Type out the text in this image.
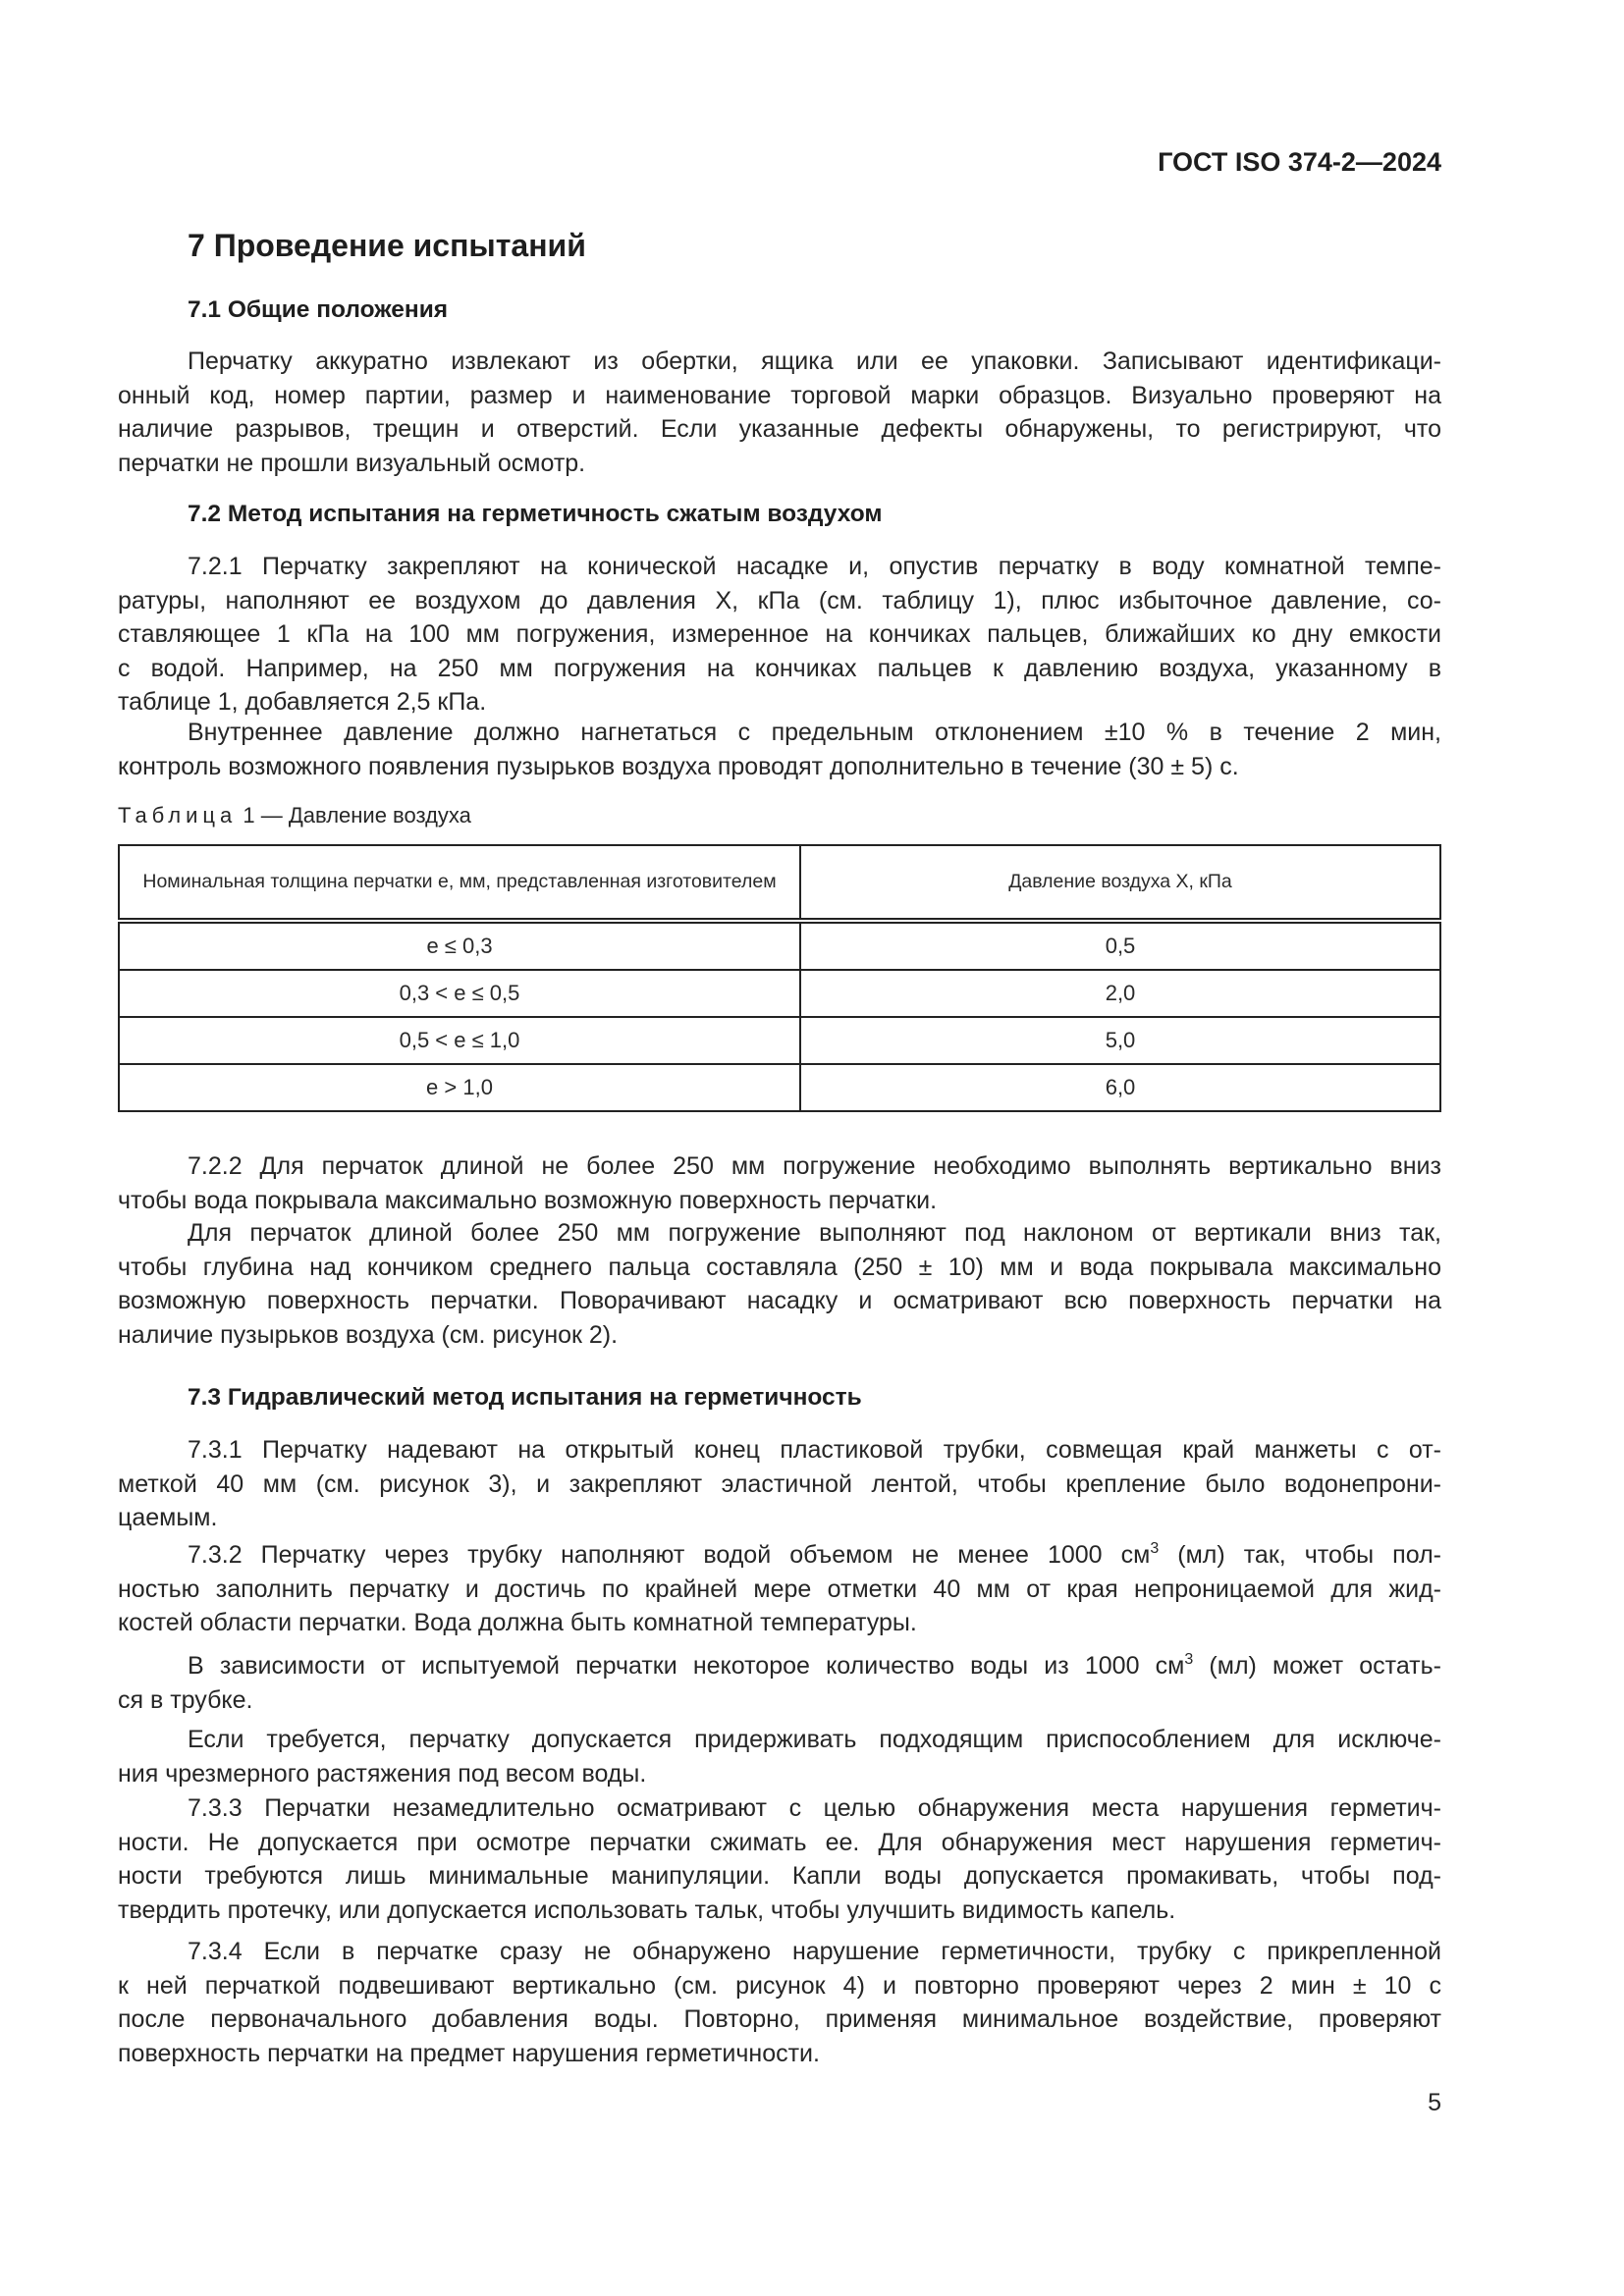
ГОСТ ISO 374-2—2024
7 Проведение испытаний
7.1 Общие положения
Перчатку аккуратно извлекают из обертки, ящика или ее упаковки. Записывают идентификаци-
онный код, номер партии, размер и наименование торговой марки образцов. Визуально проверяют на
наличие разрывов, трещин и отверстий. Если указанные дефекты обнаружены, то регистрируют, что
перчатки не прошли визуальный осмотр.
7.2 Метод испытания на герметичность сжатым воздухом
7.2.1 Перчатку закрепляют на конической насадке и, опустив перчатку в воду комнатной темпе-
ратуры, наполняют ее воздухом до давления X, кПа (см. таблицу 1), плюс избыточное давление, со-
ставляющее 1 кПа на 100 мм погружения, измеренное на кончиках пальцев, ближайших ко дну емкости
с водой. Например, на 250 мм погружения на кончиках пальцев к давлению воздуха, указанному в
таблице 1, добавляется 2,5 кПа.
Внутреннее давление должно нагнетаться с предельным отклонением ±10 % в течение 2 мин,
контроль возможного появления пузырьков воздуха проводят дополнительно в течение (30 ± 5) с.
Таблица 1 — Давление воздуха
Номинальная толщина перчатки e, мм, представленная изготовителем	Давление воздуха X, кПа
e ≤ 0,3	0,5
0,3 < e ≤ 0,5	2,0
0,5 < e ≤ 1,0	5,0
e > 1,0	6,0
7.2.2 Для перчаток длиной не более 250 мм погружение необходимо выполнять вертикально вниз
чтобы вода покрывала максимально возможную поверхность перчатки.
Для перчаток длиной более 250 мм погружение выполняют под наклоном от вертикали вниз так,
чтобы глубина над кончиком среднего пальца составляла (250 ± 10) мм и вода покрывала максимально
возможную поверхность перчатки. Поворачивают насадку и осматривают всю поверхность перчатки на
наличие пузырьков воздуха (см. рисунок 2).
7.3 Гидравлический метод испытания на герметичность
7.3.1 Перчатку надевают на открытый конец пластиковой трубки, совмещая край манжеты с от-
меткой 40 мм (см. рисунок 3), и закрепляют эластичной лентой, чтобы крепление было водонепрони-
цаемым.
7.3.2 Перчатку через трубку наполняют водой объемом не менее 1000 $см^3$ (мл) так, чтобы пол-
ностью заполнить перчатку и достичь по крайней мере отметки 40 мм от края непроницаемой для жид-
костей области перчатки. Вода должна быть комнатной температуры.
В зависимости от испытуемой перчатки некоторое количество воды из 1000 $см^3$ (мл) может остать-
ся в трубке.
Если требуется, перчатку допускается придерживать подходящим приспособлением для исключе-
ния чрезмерного растяжения под весом воды.
7.3.3 Перчатки незамедлительно осматривают с целью обнаружения места нарушения герметич-
ности. Не допускается при осмотре перчатки сжимать ее. Для обнаружения мест нарушения герметич-
ности требуются лишь минимальные манипуляции. Капли воды допускается промакивать, чтобы под-
твердить протечку, или допускается использовать тальк, чтобы улучшить видимость капель.
7.3.4 Если в перчатке сразу не обнаружено нарушение герметичности, трубку с прикрепленной
к ней перчаткой подвешивают вертикально (см. рисунок 4) и повторно проверяют через 2 мин ± 10 с
после первоначального добавления воды. Повторно, применяя минимальное воздействие, проверяют
поверхность перчатки на предмет нарушения герметичности.
5
